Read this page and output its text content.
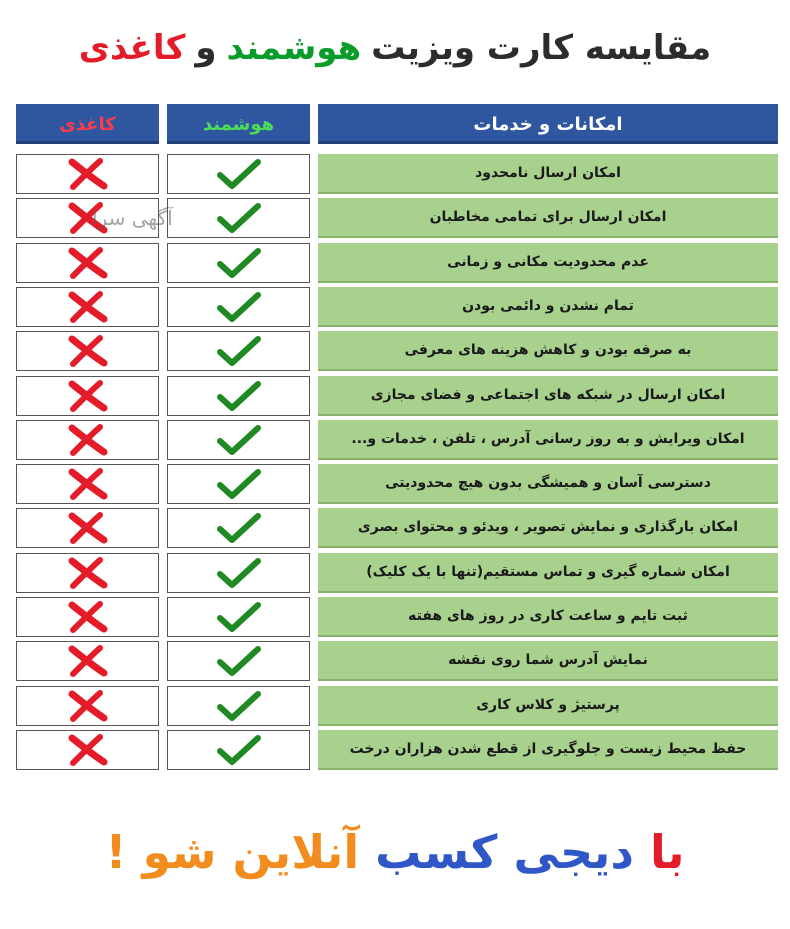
مقایسه کارت ویزیت
هوشمند
و
کاغذی
امکانات و خدمات
هوشمند
کاغذی
امکان ارسال نامحدود
امکان ارسال برای تمامی مخاطبان
عدم محدودیت مکانی و زمانی
تمام نشدن و دائمی بودن
به صرفه بودن و کاهش هزینه های معرفی
امکان ارسال در شبکه های اجتماعی و فضای مجازی
امکان ویرایش و به روز رسانی آدرس ، تلفن ، خدمات و...
دسترسی آسان و همیشگی بدون هیچ محدودیتی
امکان بارگذاری و نمایش تصویر ، ویدئو و محتوای بصری
امکان شماره گیری و تماس مستقیم(تنها با یک کلیک)
ثبت تایم و ساعت کاری در روز های هفته
نمایش آدرس شما روی نقشه
پرستیژ و کلاس کاری
حفظ محیط زیست و جلوگیری از قطع شدن هزاران درخت
آگهی سرا
با
دیجی کسب
آنلاین شو !
